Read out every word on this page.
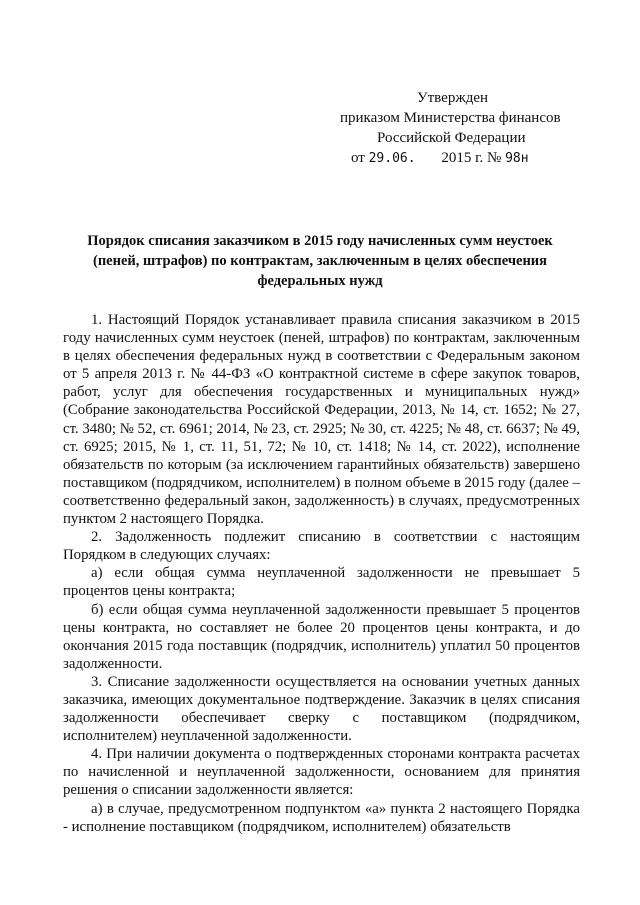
Утвержден
приказом Министерства финансов
Российской Федерации
от 29.06. 2015 г. № 98н
Порядок списания заказчиком в 2015 году начисленных сумм неустоек
(пеней, штрафов) по контрактам, заключенным в целях обеспечения
федеральных нужд

1. Настоящий Порядок устанавливает правила списания заказчиком в 2015 году начисленных сумм неустоек (пеней, штрафов) по контрактам, заключенным в целях обеспечения федеральных нужд в соответствии с Федеральным законом от 5 апреля 2013 г. № 44-ФЗ «О контрактной системе в сфере закупок товаров, работ, услуг для обеспечения государственных и муниципальных нужд» (Собрание законодательства Российской Федерации, 2013, № 14, ст. 1652; № 27, ст. 3480; № 52, ст. 6961; 2014, № 23, ст. 2925; № 30, ст. 4225; № 48, ст. 6637; № 49, ст. 6925; 2015, № 1, ст. 11, 51, 72; № 10, ст. 1418; № 14, ст. 2022), исполнение обязательств по которым (за исключением гарантийных обязательств) завершено поставщиком (подрядчиком, исполнителем) в полном объеме в 2015 году (далее – соответственно федеральный закон, задолженность) в случаях, предусмотренных пунктом 2 настоящего Порядка.

2. Задолженность подлежит списанию в соответствии с настоящим Порядком в следующих случаях:

а) если общая сумма неуплаченной задолженности не превышает 5 процентов цены контракта;

б) если общая сумма неуплаченной задолженности превышает 5 процентов цены контракта, но составляет не более 20 процентов цены контракта, и до окончания 2015 года поставщик (подрядчик, исполнитель) уплатил 50 процентов задолженности.

3. Списание задолженности осуществляется на основании учетных данных заказчика, имеющих документальное подтверждение. Заказчик в целях списания задолженности обеспечивает сверку с поставщиком (подрядчиком, исполнителем) неуплаченной задолженности.

4. При наличии документа о подтвержденных сторонами контракта расчетах по начисленной и неуплаченной задолженности, основанием для принятия решения о списании задолженности является:

а) в случае, предусмотренном подпунктом «а» пункта 2 настоящего Порядка - исполнение поставщиком (подрядчиком, исполнителем) обязательств
